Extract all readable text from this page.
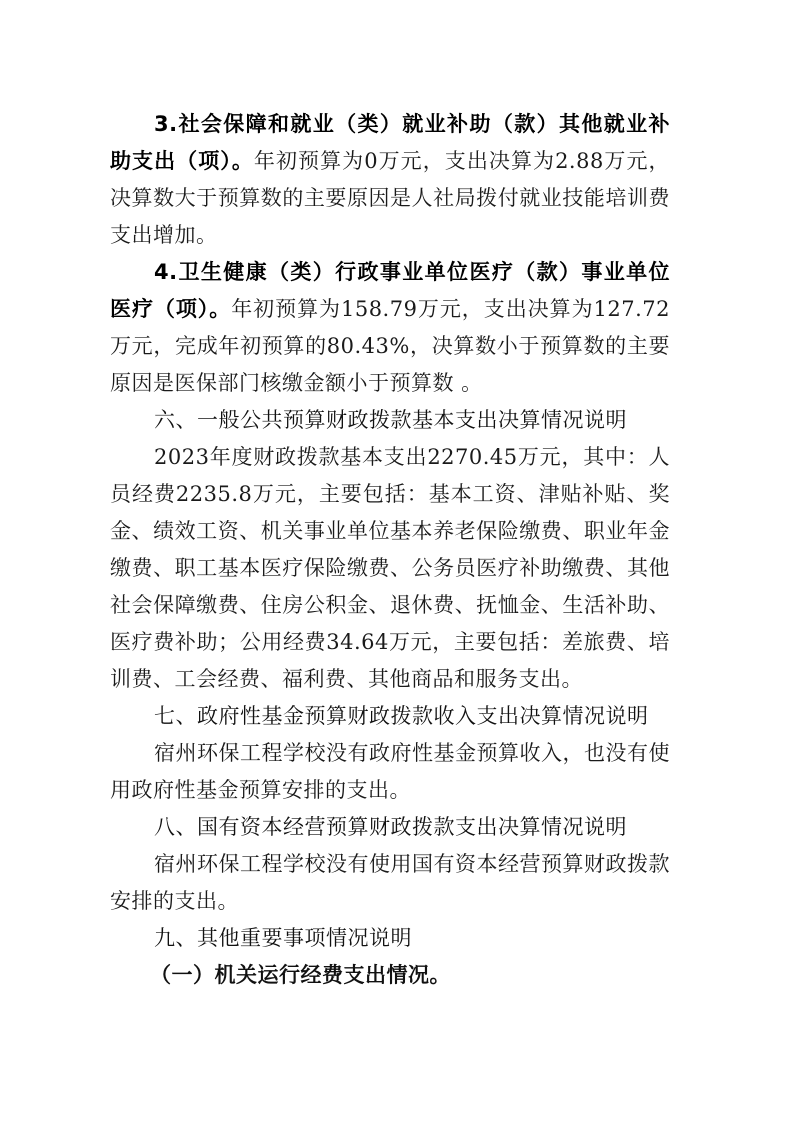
3.社会保障和就业（类）就业补助（款）其他就业补助支出（项）。年初预算为0万元，支出决算为2.88万元，决算数大于预算数的主要原因是人社局拨付就业技能培训费支出增加。

4.卫生健康（类）行政事业单位医疗（款）事业单位医疗（项）。年初预算为158.79万元，支出决算为127.72万元，完成年初预算的80.43%，决算数小于预算数的主要原因是医保部门核缴金额小于预算数 。

六、一般公共预算财政拨款基本支出决算情况说明

2023年度财政拨款基本支出2270.45万元，其中：人员经费2235.8万元，主要包括：基本工资、津贴补贴、奖金、绩效工资、机关事业单位基本养老保险缴费、职业年金缴费、职工基本医疗保险缴费、公务员医疗补助缴费、其他社会保障缴费、住房公积金、退休费、抚恤金、生活补助、医疗费补助；公用经费34.64万元，主要包括：差旅费、培训费、工会经费、福利费、其他商品和服务支出。

七、政府性基金预算财政拨款收入支出决算情况说明

宿州环保工程学校没有政府性基金预算收入，也没有使用政府性基金预算安排的支出。

八、国有资本经营预算财政拨款支出决算情况说明

宿州环保工程学校没有使用国有资本经营预算财政拨款安排的支出。

九、其他重要事项情况说明

（一）机关运行经费支出情况。
